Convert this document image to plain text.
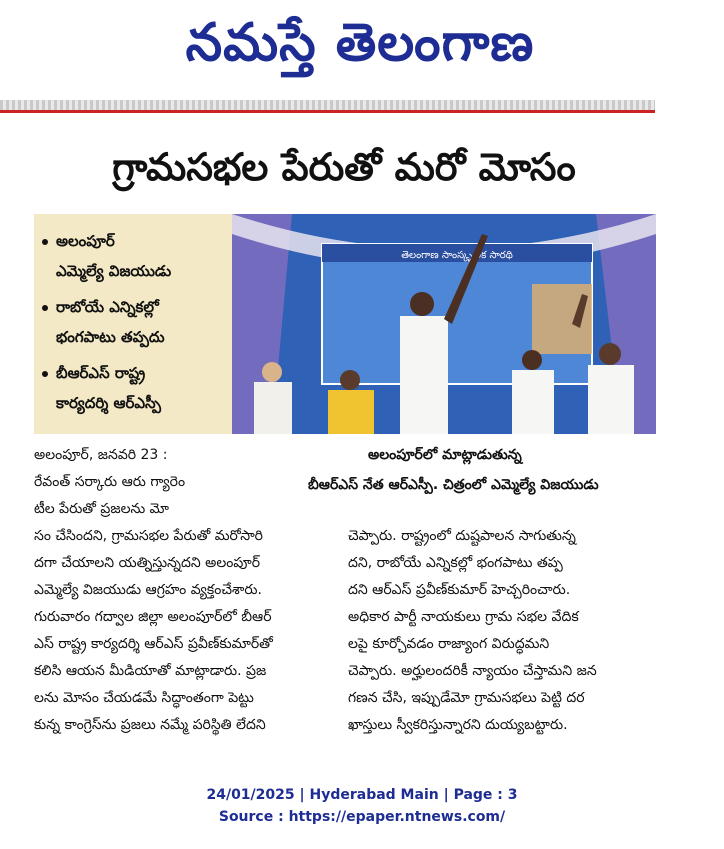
నమస్తే తెలంగాణ
గ్రామసభల పేరుతో మరో మోసం
అలంపూర్
ఎమ్మెల్యే విజయుడు
రాబోయే ఎన్నికల్లో
భంగపాటు తప్పదు
బీఆర్ఎస్ రాష్ట్ర
కార్యదర్శి ఆర్ఎస్పీ
తెలంగాణ సాంస్కృతిక సారథి
అలంపూర్‌లో మాట్లాడుతున్న
బీఆర్ఎస్ నేత ఆర్ఎస్పీ. చిత్రంలో ఎమ్మెల్యే విజయుడు
అలంపూర్, జనవరి 23 :
రేవంత్ సర్కారు ఆరు గ్యారెం
టీల పేరుతో ప్రజలను మో
సం చేసిందని, గ్రామసభల పేరుతో మరోసారి
దగా చేయాలని యత్నిస్తున్నదని అలంపూర్
ఎమ్మెల్యే విజయుడు ఆగ్రహం వ్యక్తంచేశారు.
గురువారం గద్వాల జిల్లా అలంపూర్‌లో బీఆర్
ఎస్ రాష్ట్ర కార్యదర్శి ఆర్ఎస్ ప్రవీణ్‌కుమార్‌తో
కలిసి ఆయన మీడియాతో మాట్లాడారు. ప్రజ
లను మోసం చేయడమే సిద్ధాంతంగా పెట్టు
కున్న కాంగ్రెస్‌ను ప్రజలు నమ్మే పరిస్థితి లేదని
చెప్పారు. రాష్ట్రంలో దుష్టపాలన సాగుతున్న
దని, రాబోయే ఎన్నికల్లో భంగపాటు తప్ప
దని ఆర్ఎస్ ప్రవీణ్‌కుమార్ హెచ్చరించారు.
అధికార పార్టీ నాయకులు గ్రామ సభల వేదిక
లపై కూర్చోవడం రాజ్యాంగ విరుద్ధమని
చెప్పారు. అర్హులందరికీ న్యాయం చేస్తామని జన
గణన చేసి, ఇప్పుడేమో గ్రామసభలు పెట్టి దర
ఖాస్తులు స్వీకరిస్తున్నారని దుయ్యబట్టారు.
24/01/2025 | Hyderabad Main | Page : 3
Source : https://epaper.ntnews.com/
